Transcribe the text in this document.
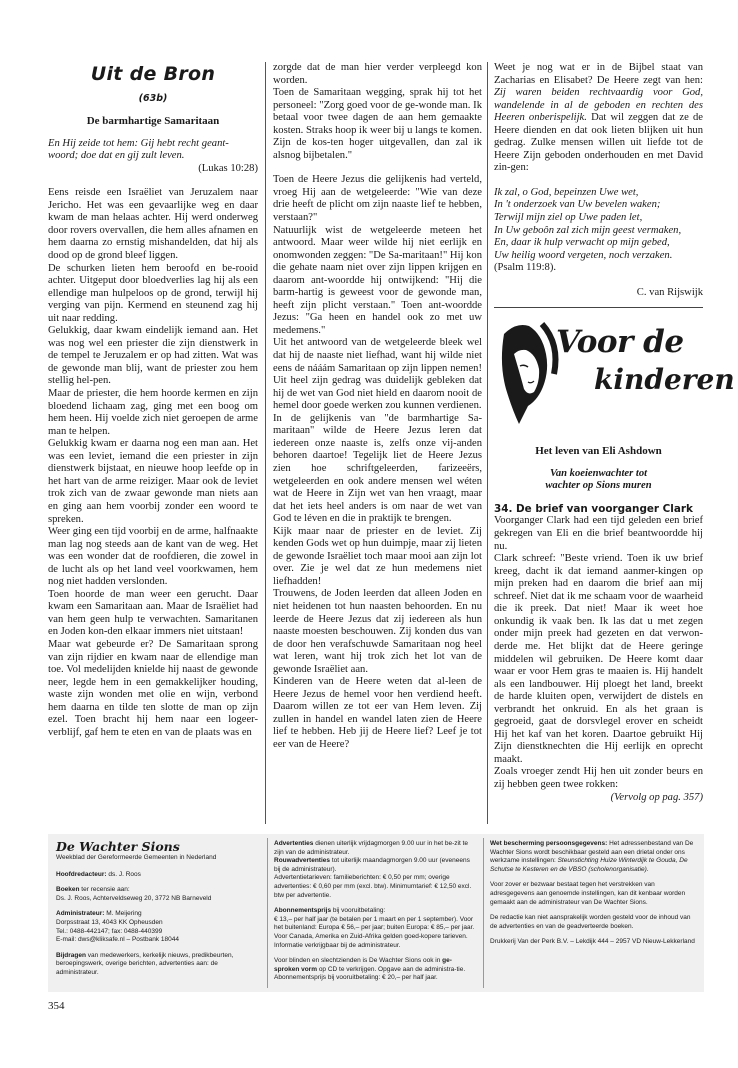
Uit de Bron

(63b)

De barmhartige Samaritaan

En Hij zeide tot hem: Gij hebt recht geant-

woord; doe dat en gij zult leven.

(Lukas 10:28)

Eens reisde een Israëliet van Jeruzalem naar Jericho. Het was een gevaarlijke weg en daar kwam de man helaas achter. Hij werd onderweg door rovers overvallen, die hem alles afnamen en hem daarna zo ernstig mishandelden, dat hij als dood op de grond bleef liggen.

De schurken lieten hem beroofd en be-rooid achter. Uitgeput door bloedverlies lag hij als een ellendige man hulpeloos op de grond, terwijl hij verging van pijn. Kermend en steunend zag hij uit naar redding.

Gelukkig, daar kwam eindelijk iemand aan. Het was nog wel een priester die zijn dienstwerk in de tempel te Jeruzalem er op had zitten. Wat was de gewonde man blij, want de priester zou hem stellig hel-pen.

Maar de priester, die hem hoorde kermen en zijn bloedend lichaam zag, ging met een boog om hem heen. Hij voelde zich niet geroepen de arme man te helpen.

Gelukkig kwam er daarna nog een man aan. Het was een leviet, iemand die een priester in zijn dienstwerk bijstaat, en nieuwe hoop leefde op in het hart van de arme reiziger. Maar ook de leviet trok zich van de zwaar gewonde man niets aan en ging aan hem voorbij zonder een woord te spreken.

Weer ging een tijd voorbij en de arme, halfnaakte man lag nog steeds aan de kant van de weg. Het was een wonder dat de roofdieren, die zowel in de lucht als op het land veel voorkwamen, hem nog niet hadden verslonden.

Toen hoorde de man weer een gerucht. Daar kwam een Samaritaan aan. Maar de Israëliet had van hem geen hulp te verwachten. Samaritanen en Joden kon-den elkaar immers niet uitstaan!

Maar wat gebeurde er? De Samaritaan sprong van zijn rijdier en kwam naar de ellendige man toe. Vol medelijden knielde hij naast de gewonde neer, legde hem in een gemakkelijker houding, waste zijn wonden met olie en wijn, verbond hem daarna en tilde ten slotte de man op zijn ezel. Toen bracht hij hem naar een logeer-verblijf, gaf hem te eten en van de plaats was en

zorgde dat de man hier verder verpleegd kon worden.

Toen de Samaritaan wegging, sprak hij tot het personeel: "Zorg goed voor de ge-wonde man. Ik betaal voor twee dagen de aan hem gemaakte kosten. Straks hoop ik weer bij u langs te komen. Zijn de kos-ten hoger uitgevallen, dan zal ik alsnog bijbetalen."

Toen de Heere Jezus die gelijkenis had verteld, vroeg Hij aan de wetgeleerde: "Wie van deze drie heeft de plicht om zijn naaste lief te hebben, verstaan?"

Natuurlijk wist de wetgeleerde meteen het antwoord. Maar weer wilde hij niet eerlijk en onomwonden zeggen: "De Sa-maritaan!" Hij kon die gehate naam niet over zijn lippen krijgen en daarom ant-woordde hij ontwijkend: "Hij die barm-hartig is geweest voor de gewonde man, heeft zijn plicht verstaan." Toen ant-woordde Jezus: "Ga heen en handel ook zo met uw medemens."

Uit het antwoord van de wetgeleerde bleek wel dat hij de naaste niet liefhad, want hij wilde niet eens de nááám Samaritaan op zijn lippen nemen! Uit heel zijn gedrag was duidelijk gebleken dat hij de wet van God niet hield en daarom nooit de hemel door goede werken zou kunnen verdienen.

In de gelijkenis van "de barmhartige Sa-maritaan" wilde de Heere Jezus leren dat iedereen onze naaste is, zelfs onze vij-anden behoren daartoe! Tegelijk liet de Heere Jezus zien hoe schriftgeleerden, farizeeërs, wetgeleerden en ook andere mensen wel wéten wat de Heere in Zijn wet van hen vraagt, maar dat het iets heel anders is om naar de wet van God te léven en die in praktijk te brengen.

Kijk maar naar de priester en de leviet. Zij kenden Gods wet op hun duimpje, maar zij lieten de gewonde Israëliet toch maar mooi aan zijn lot over. Zie je wel dat ze hun medemens niet liefhadden!

Trouwens, de Joden leerden dat alleen Joden en niet heidenen tot hun naasten behoorden. En nu leerde de Heere Jezus dat zij iedereen als hun naaste moesten beschouwen. Zij konden dus van de door hen verafschuwde Samaritaan nog heel wat leren, want hij trok zich het lot van de gewonde Israëliet aan.

Kinderen van de Heere weten dat al-leen de Heere Jezus de hemel voor hen verdiend heeft. Daarom willen ze tot eer van Hem leven. Zij zullen in handel en wandel laten zien de Heere lief te hebben. Heb jij de Heere lief? Leef je tot eer van de Heere?

Weet je nog wat er in de Bijbel staat van Zacharias en Elisabet? De Heere zegt van hen: Zij waren beiden rechtvaardig voor God, wandelende in al de geboden en rechten des Heeren onberispelijk. Dat wil zeggen dat ze de Heere dienden en dat ook lieten blijken uit hun gedrag. Zulke mensen willen uit liefde tot de Heere Zijn geboden onderhouden en met David zin-gen:

Ik zal, o God, bepeinzen Uwe wet,

In 't onderzoek van Uw bevelen waken;

Terwijl mijn ziel op Uwe paden let,

In Uw geboôn zal zich mijn geest vermaken,

En, daar ik hulp verwacht op mijn gebed,

Uw heilig woord vergeten, noch verzaken.

(Psalm 119:8).

C. van Rijswijk

Voor de
kinderen

Het leven van Eli Ashdown

Van koeienwachter tot
wachter op Sions muren

34. De brief van voorganger Clark

Voorganger Clark had een tijd geleden een brief gekregen van Eli en die brief beantwoordde hij nu.

Clark schreef: "Beste vriend. Toen ik uw brief kreeg, dacht ik dat iemand aanmer-kingen op mijn preken had en daarom die brief aan mij schreef. Niet dat ik me schaam voor de waarheid die ik preek. Dat niet! Maar ik weet hoe onkundig ik vaak ben. Ik las dat u met zegen onder mijn preek had gezeten en dat verwon-derde me. Het blijkt dat de Heere geringe middelen wil gebruiken. De Heere komt daar waar er voor Hem gras te maaien is. Hij handelt als een landbouwer. Hij ploegt het land, breekt de harde kluiten open, verwijdert de distels en verbrandt het onkruid. En als het graan is gegroeid, gaat de dorsvlegel erover en scheidt Hij het kaf van het koren. Daartoe gebruikt Hij Zijn dienstknechten die Hij eerlijk en oprecht maakt.

Zoals vroeger zendt Hij hen uit zonder beurs en zij hebben geen twee rokken:

(Vervolg op pag. 357)

De Wachter Sions

Weekblad der Gereformeerde Gemeenten in Nederland

Hoofdredacteur: ds. J. Roos

Boeken ter recensie aan:

Ds. J. Roos, Achterveldseweg 20, 3772 NB Barneveld

Administrateur: M. Meijering

Dorpsstraat 13, 4043 KK Opheusden

Tel.: 0488-442147; fax: 0488-440399

E-mail: dws@kliksafe.nl – Postbank 18044

Bijdragen van medewerkers, kerkelijk nieuws, predikbeurten, beroepingswerk, overige berichten, advertenties aan: de administrateur.

Advertenties dienen uiterlijk vrijdagmorgen 9.00 uur in het be-zit te zijn van de administrateur.

Rouwadvertenties tot uiterlijk maandagmorgen 9.00 uur (eveneens bij de administrateur).

Advertentietarieven: familieberichten: € 0,50 per mm; overige advertenties: € 0,60 per mm (excl. btw). Minimumtarief: € 12,50 excl. btw per advertentie.

Abonnementsprijs bij vooruitbetaling:

€ 13,– per half jaar (te betalen per 1 maart en per 1 september). Voor het buitenland: Europa € 56,– per jaar; buiten Europa: € 85,– per jaar. Voor Canada, Amerika en Zuid-Afrika gelden goed-kopere tarieven. Informatie verkrijgbaar bij de administrateur.

Voor blinden en slechtzienden is De Wachter Sions ook in ge-sproken vorm op CD te verkrijgen. Opgave aan de administra-tie. Abonnementsprijs bij vooruitbetaling: € 20,– per half jaar.

Wet bescherming persoonsgegevens: Het adressenbestand van De Wachter Sions wordt beschikbaar gesteld aan een drietal onder ons werkzame instellingen: Steunstichting Huize Winterdijk te Gouda, De Schutse te Kesteren en de VBSO (scholenorganisatie).

Voor zover er bezwaar bestaat tegen het verstrekken van adresgegevens aan genoemde instellingen, kan dit kenbaar worden gemaakt aan de administrateur van De Wachter Sions.

De redactie kan niet aansprakelijk worden gesteld voor de inhoud van de advertenties en van de geadverteerde boeken.

Drukkerij Van der Perk B.V. – Lekdijk 444 – 2957 VD Nieuw-Lekkerland

354
